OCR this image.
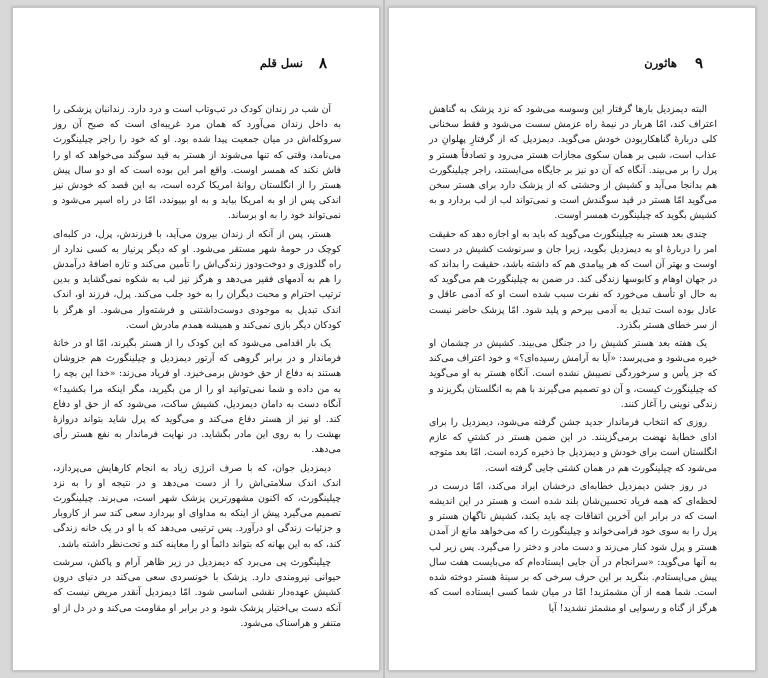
۸
نسل قلم

آن شب در زندان کودک در تب‌وتاب است و درد دارد. زندانبان پزشکی را به داخل زندان می‌آورد که همان مرد غریبه‌ای است که صبح آن روز سروکله‌اش در میان جمعیت پیدا شده بود. او که خود را راجر چیلینگورث می‌نامد، وقتی که تنها می‌شوند از هستر به قید سوگند می‌خواهد که او را فاش نکند که همسر اوست. واقع امر این بوده است که او دو سال پیش هستر را از انگلستان روانهٔ امریکا کرده است، به این قصد که خودش نیز اندکی پس از او به امریکا بیاید و به او بپیوندد، امّا در راه اسیر می‌شود و نمی‌تواند خود را به او برساند.

هستر، پس از آنکه از زندان بیرون می‌آید، با فرزندش، پرل، در کلبه‌ای کوچک در حومهٔ شهر مستقر می‌شود. او که دیگر پرنیاز به کسی ندارد از راه گلدوزی و دوخت‌ودوز زندگی‌اش را تأمین می‌کند و تازه اضافهٔ درآمدش را هم به آدمهای فقیر می‌دهد و هرگز نیز لب به شکوه نمی‌گشاید و بدین ترتیب احترام و محبت دیگران را به خود جلب می‌کند. پرل، فرزند او، اندک اندک تبدیل به موجودی دوست‌داشتنی و فرشته‌وار می‌شود. او هرگز با کودکان دیگر بازی نمی‌کند و همیشه همدم مادرش است.

یک بار اقدامی می‌شود که این کودک را از هستر بگیرند، امّا او در خانهٔ فرماندار و در برابر گروهی که آرتور دیمزدیل و چیلینگورث هم جزوشان هستند به دفاع از حق خودش برمی‌خیزد. او فریاد می‌زند: «خدا این بچه را به من داده و شما نمی‌توانید او را از من بگیرید، مگر اینکه مرا بکشید!» آنگاه دست به دامان دیمزدیل، کشیش ساکت، می‌شود که از حق او دفاع کند. او نیز از هستر دفاع می‌کند و می‌گوید که پرل شاید بتواند دروازهٔ بهشت را به روی این مادر بگشاید. در نهایت فرماندار به نفع هستر رأی می‌دهد.

دیمزدیل جوان، که با صرف انرژی زیاد به انجام کارهایش می‌پردازد، اندک اندک سلامتی‌اش را از دست می‌دهد و در نتیجه او را به نزد چیلینگورث، که اکنون مشهورترین پزشک شهر است، می‌برند. چیلینگورث تصمیم می‌گیرد پیش از اینکه به مداوای او بپردازد سعی کند سر از کاروبار و جزئیات زندگی او درآورد. پس ترتیبی می‌دهد که با او در یک خانه زندگی کند، که به این بهانه که بتواند دائماً او را معاینه کند و تحت‌نظر داشته باشد.

چیلینگورث پی می‌برد که دیمزدیل در زیر ظاهر آرام و پاکش، سرشت حیوانی نیرومندی دارد. پزشک با خونسردی سعی می‌کند در دنیای درون کشیش عهده‌دار نقشی اساسی شود. امّا دیمزدیل آنقدر مریض نیست که آنکه دست بی‌اختیار پزشک شود و در برابر او مقاومت می‌کند و در دل از او متنفر و هراسناک می‌شود.

۹
هاثورن

البته دیمزدیل بارها گرفتار این وسوسه می‌شود که نزد پزشک به گناهش اعتراف کند، امّا هربار در نیمهٔ راه عزمش سست می‌شود و فقط سخنانی کلی دربارهٔ گناهکاربودن خودش می‌گوید. دیمزدیل که از گرفتارِ پهلوانِ در عذاب است، شبی بر همان سکوی مجازات هستر می‌رود و تصادفاً هستر و پرل را بر می‌بیند. آنگاه که آن دو نیز بر جایگاه می‌ایستند، راجر چیلینگورث هم بدانجا می‌آید و کشیش از وحشتی که از پزشک دارد برای هستر سخن می‌گوید امّا هستر در قید سوگندش است و نمی‌تواند لب از لب بردارد و به کشیش بگوید که چیلینگورث همسر اوست.

چندی بعد هستر به چیلینگورث می‌گوید که باید به او اجازه دهد که حقیقت امر را دربارهٔ او به دیمزدیل بگوید، زیرا جان و سرنوشت کشیش در دست اوست و بهتر آن است که هر پیامدی هم که داشته باشد، حقیقت را بداند که در جهان اوهام و کابوسها زندگی کند. در ضمن به چیلینگورث هم می‌گوید که به حال او تأسف می‌خورد که نفرت سبب شده است او که آدمی عاقل و عادل بوده است تبدیل به آدمی بیرحم و پلید شود. امّا پزشک حاضر نیست از سر خطای هستر بگذرد.

یک هفته بعد هستر کشیش را در جنگل می‌بیند. کشیش در چشمان او خیره می‌شود و می‌پرسد: «آیا به آرامش رسیده‌ای؟» و خود اعتراف می‌کند که جز یأس و سرخوردگی نصیبش نشده است. آنگاه هستر به او می‌گوید که چیلینگورث کیست، و آن دو تصمیم می‌گیرند با هم به انگلستان بگریزند و زندگی نوینی را آغاز کنند.

روزی که انتخاب فرماندار جدید جشن گرفته می‌شود، دیمزدیل را برای ادای خطابهٔ نهضت برمی‌گزینند. در این ضمن هستر در کشتیِ که عازم انگلستان است برای خودش و دیمزدیل جا ذخیره کرده است. امّا بعد متوجه می‌شود که چیلینگورث هم در همان کشتی جایی گرفته است.

در روز جشن دیمزدیل خطابه‌ای درخشان ایراد می‌کند، امّا درست در لحظه‌ای که همه فریاد تحسین‌شان بلند شده است و هستر در این اندیشه است که در برابر این آخرین اتفاقات چه باید بکند، کشیش ناگهان هستر و پرل را به سوی خود فرامی‌خواند و چیلینگورث را که می‌خواهد مانع از آمدن هستر و پرل شود کنار می‌زند و دست مادر و دختر را می‌گیرد. پس زیر لب به آنها می‌گوید: «سرانجام در آن جایی ایستاده‌ام که می‌بایست هفت سال پیش می‌ایستادم. بنگرید بر این حرف سرخی که بر سینهٔ هستر دوخته شده است. شما همه از آن مشمئزید! امّا در میان شما کسی ایستاده است که هرگز از گناه و رسوایی او مشمئز نشدید! آیا
